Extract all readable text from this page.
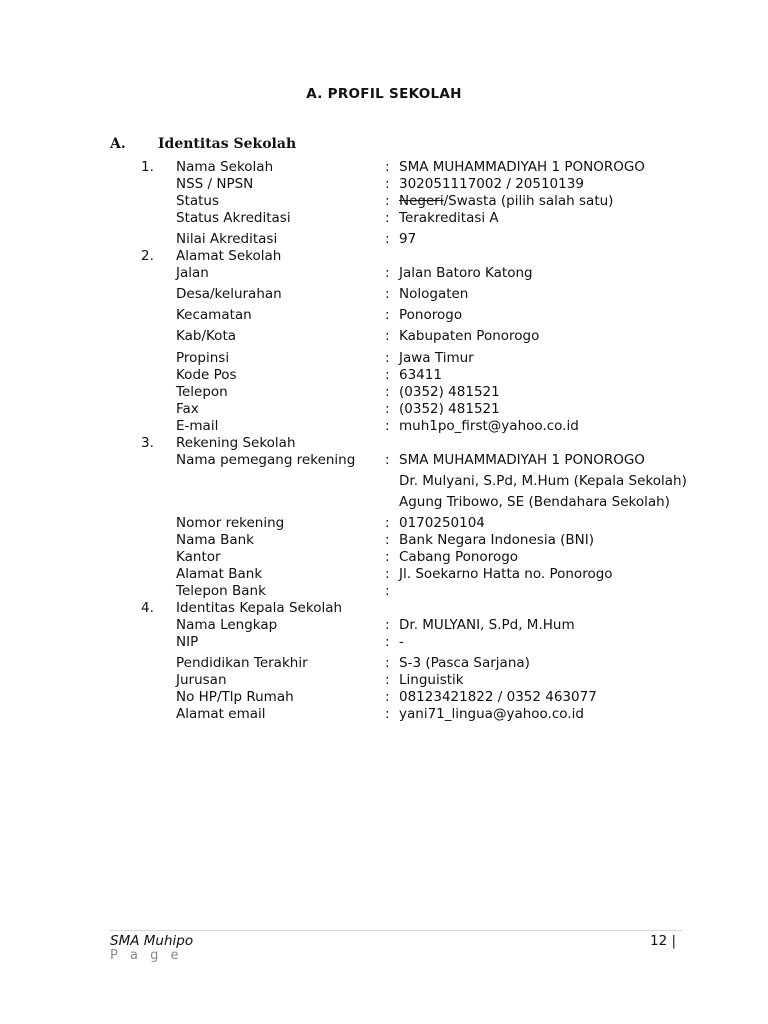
A. PROFIL SEKOLAH
A. Identitas Sekolah
1. Nama Sekolah	: SMA MUHAMMADIYAH 1 PONOROGO
NSS / NPSN	: 302051117002 / 20510139
Status	: Negeri/Swasta (pilih salah satu)
Status Akreditasi	: Terakreditasi A
Nilai Akreditasi	: 97
2. Alamat Sekolah
Jalan	: Jalan Batoro Katong
Desa/kelurahan	: Nologaten
Kecamatan	: Ponorogo
Kab/Kota	: Kabupaten Ponorogo
Propinsi	: Jawa Timur
Kode Pos	: 63411
Telepon	: (0352) 481521
Fax	: (0352) 481521
E-mail	: muh1po_first@yahoo.co.id
3. Rekening Sekolah
Nama pemegang rekening : SMA MUHAMMADIYAH 1 PONOROGO
Dr. Mulyani, S.Pd, M.Hum (Kepala Sekolah)
Agung Tribowo, SE (Bendahara Sekolah)
Nomor rekening	: 0170250104
Nama Bank	: Bank Negara Indonesia (BNI)
Kantor	: Cabang Ponorogo
Alamat Bank	: Jl. Soekarno Hatta no. Ponorogo
Telepon Bank	:
4. Identitas Kepala Sekolah
Nama Lengkap	: Dr. MULYANI, S.Pd, M.Hum
NIP	: -
Pendidikan Terakhir	: S-3 (Pasca Sarjana)
Jurusan	: Linguistik
No HP/Tlp Rumah	: 08123421822 / 0352 463077
Alamat email	: yani71_lingua@yahoo.co.id
SMA Muhipo	12 |
P a g e
